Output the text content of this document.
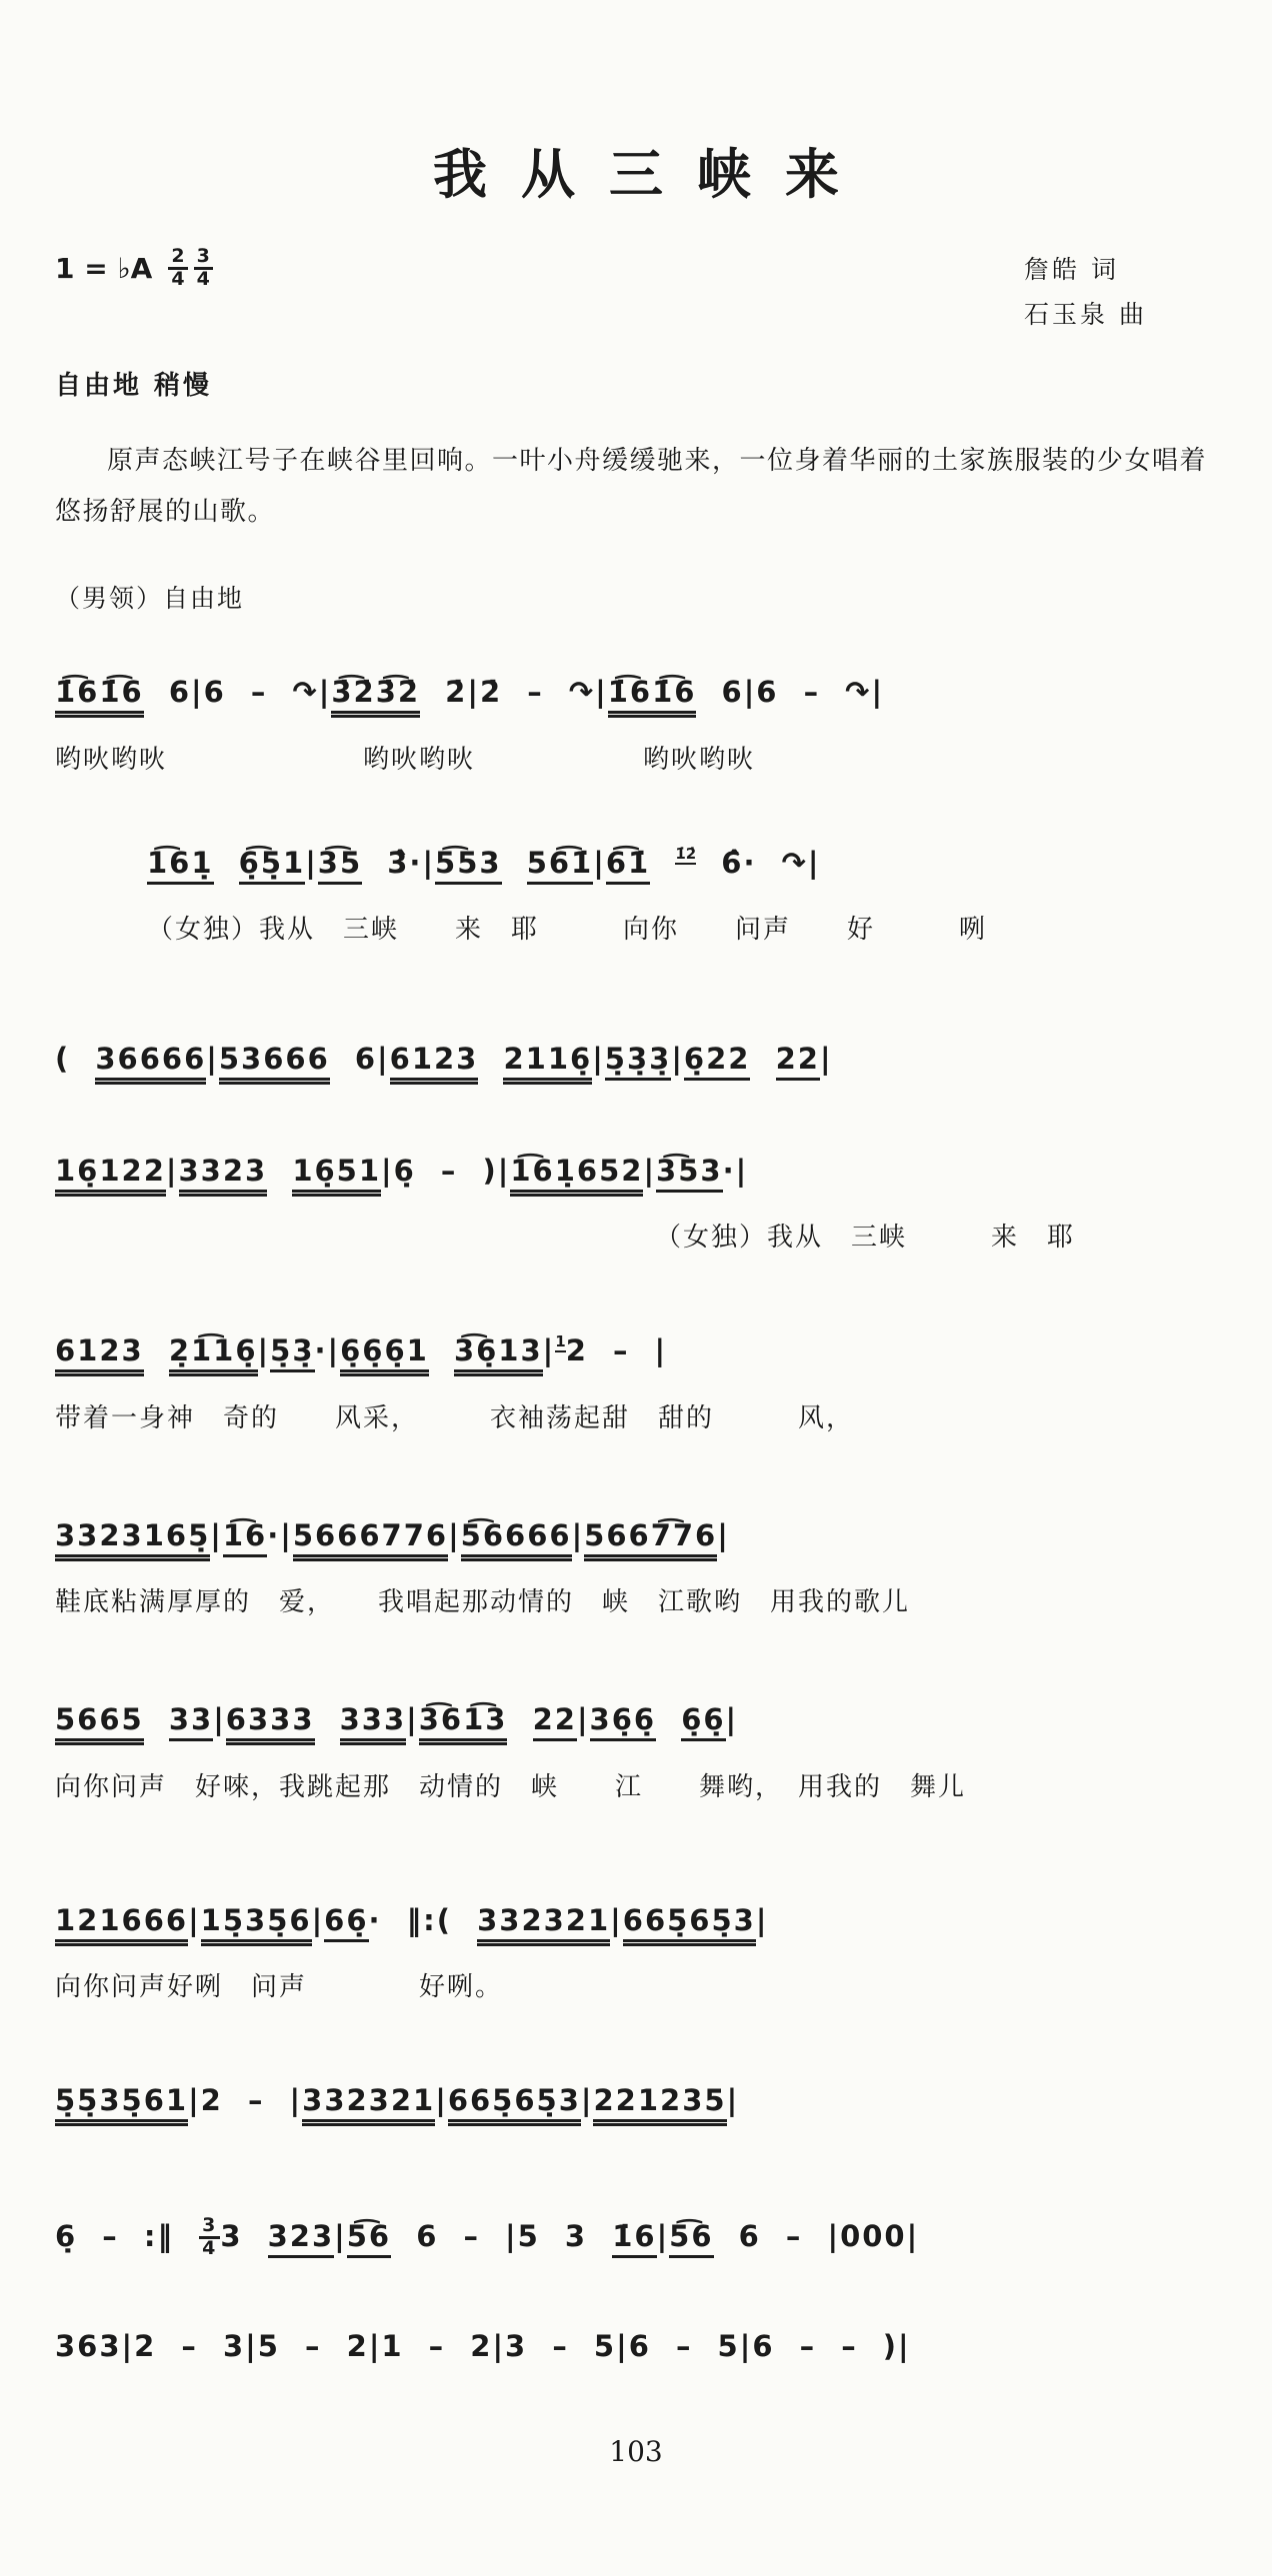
我从三峡来
1 = ♭A 2
4
3
4	詹皓 词
石玉泉 曲
自由地 稍慢

原声态峡江号子在峡谷里回响。一叶小舟缓缓驰来，一位身着华丽的土家族服装的少女唱着悠扬舒展的山歌。

（男领）自由地
1̇͡61̇͡6 6|6 – ↷|3̇͡2̇3̇͡2̇ 2̇|2̇ – ↷|1̇͡61̇͡6 6|6 – ↷|
哟吙哟吙　　　　　　　哟吙哟吙　　　　　　哟吙哟吙
1͡61̣ 6̣͡5̣1|3͡5 3̂·|5͡53 56͡1̇|6͡1̇ $^{1̇2̇}$ 6̂· ↷|
（女独）我从　三峡　　来　耶　　　向你　　问声　　好　　　咧
( 36666|53666 6|6123 2116̣|5̣3̣3̣|6̣22 22|
16̣122|3323 16̣51|6̣ – )|1͡61̣652|3͡53·|
（女独）我从　三峡　　　来　耶
6123 2̣1͡16̣|5̣3̣·|6̣6̣6̣1 $3͡6̣13|^12$ – |
带着一身神　奇的　　风采，　　　衣袖荡起甜　甜的　　　风，
3323165̣|1͡6·|5666776|5͡6666|5667͡76|
鞋底粘满厚厚的　爱，　　我唱起那动情的　峡　江歌哟　用我的歌儿
5665 33|6333 333|3͡61͡3 22|36̣6̣ 6̣6̣|
向你问声　好唻，我跳起那　动情的　峡　　江　　舞哟，　用我的　舞儿
121666|15̣35̣6|66̣· ‖:( 332321|665̣65̣3|
向你问声好咧　问声　　　　好咧。
5̣5̣35̣61|2 – |332321|665̣65̣3|221235|
6̣ – :‖ $\frac{3}{4} 3$ 323|5͡6 6 – |5 3 1̇6|5͡6 6 – |000|
363|2 – 3|5 – 2|1 – 2|3 – 5|6 – 5|6 – – )|
103
